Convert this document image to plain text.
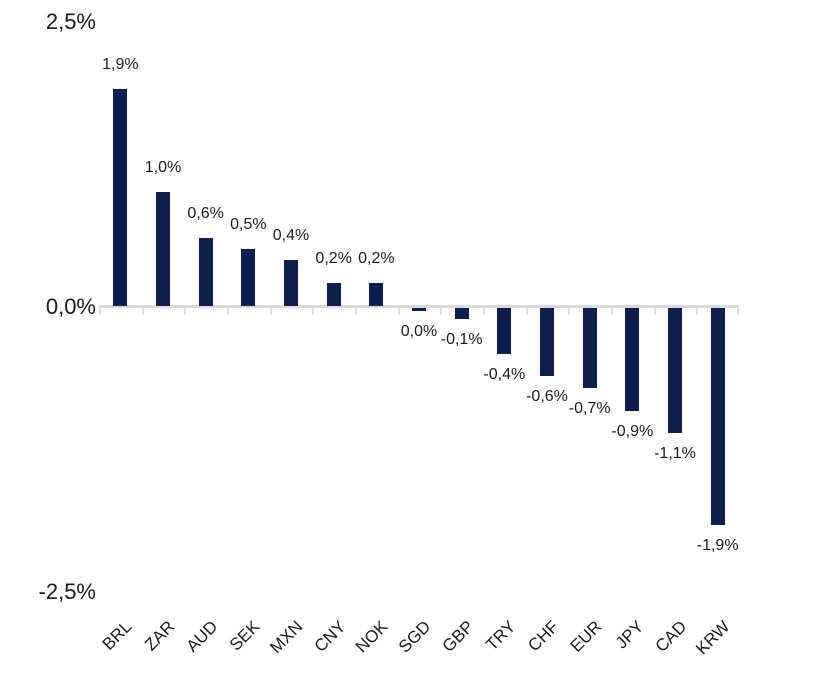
2,5%
0,0%
-2,5%
1,9%
BRL
1,0%
ZAR
0,6%
AUD
0,5%
SEK
0,4%
MXN
0,2%
CNY
0,2%
NOK
0,0%
SGD
-0,1%
GBP
-0,4%
TRY
-0,6%
CHF
-0,7%
EUR
-0,9%
JPY
-1,1%
CAD
-1,9%
KRW
